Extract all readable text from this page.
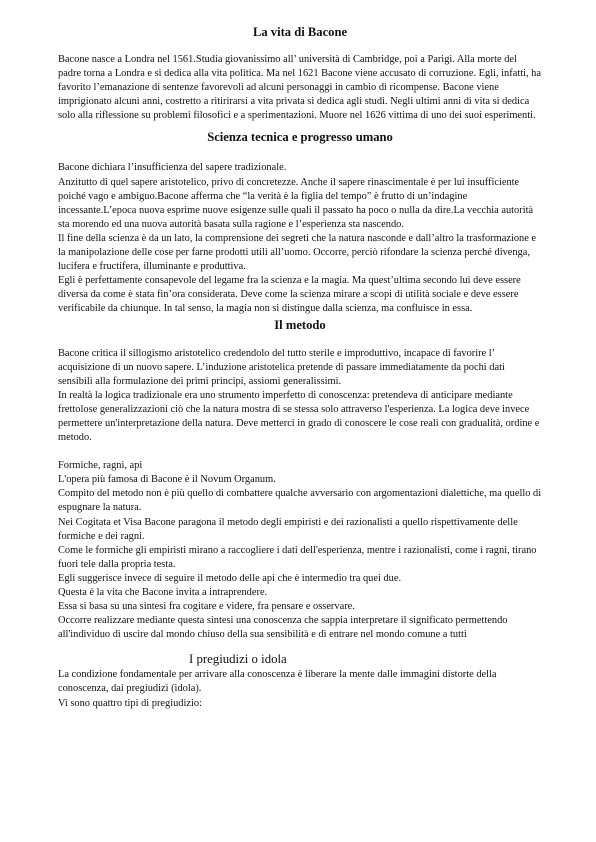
La vita di Bacone

Bacone nasce a Londra nel 1561.Studia giovanissimo all’ università di Cambridge, poi a Parigi. Alla morte del padre torna a Londra e si dedica alla vita politica. Ma nel 1621 Bacone viene accusato di corruzione. Egli, infatti, ha favorito l’emanazione di sentenze favorevoli ad alcuni personaggi in cambio di ricompense. Bacone viene imprigionato alcuni anni, costretto a ritirirarsi a vita privata si dedica agli studi. Negli ultimi anni di vita si dedica solo alla riflessione su problemi filosofici e a sperimentazioni. Muore nel 1626 vittima di uno dei suoi esperimenti.

Scienza tecnica e progresso umano

Bacone dichiara l’insufficienza del sapere tradizionale.

Anzitutto di quel sapere aristotelico, privo di concretezze. Anche il sapere rinascimentale è per lui insufficiente poiché vago e ambiguo.Bacone afferma che “la verità è la figlia del tempo” è frutto di un’indagine incessante.L’epoca nuova esprime nuove esigenze sulle quali il passato ha poco o nulla da dire.La vecchia autorità sta morendo ed una nuova autorità basata sulla ragione e l’esperienza sta nascendo.

Il fine della scienza è da un lato, la comprensione dei segreti che la natura nasconde e dall’altro la trasformazione e la manipolazione delle cose per farne prodotti utili all’uomo. Occorre, perciò rifondare la scienza perché divenga, lucifera e fructifera, illuminante e produttiva.

Egli è perfettamente consapevole del legame fra la scienza e la magia. Ma quest’ultima secondo lui deve essere diversa da come è stata fin’ora considerata. Deve come la scienza mirare a scopi di utilità sociale e deve essere verificabile da chiunque. In tal senso, la magia non si distingue dalla scienza, ma confluisce in essa.

Il metodo

Bacone critica il sillogismo aristotelico credendolo del tutto sterile e improduttivo, incapace di favorire l’ acquisizione di un nuovo sapere. L’induzione aristotelica pretende di passare immediatamente da pochi dati sensibili alla formulazione dei primi principi, assiomi generalissimi.

In realtà la logica tradizionale era uno strumento imperfetto di conoscenza: pretendeva di anticipare mediante frettolose generalizzazioni ciò che la natura mostra di se stessa solo attraverso l'esperienza. La logica deve invece permettere un'interpretazione della natura. Deve metterci in grado di conoscere le cose reali con gradualità, ordine e metodo.

Formiche, ragni, api

L'opera più famosa di Bacone è il Novum Organum.

Compito del metodo non è più quello di combattere qualche avversario con argomentazioni dialettiche, ma quello di espugnare la natura.

Nei Cogitata et Visa Bacone paragona il metodo degli empiristi e dei razionalisti a quello rispettivamente delle formiche e dei ragni.

Come le formiche gli empiristi mirano a raccogliere i dati dell'esperienza, mentre i razionalisti, come i ragni, tirano fuori tele dalla propria testa.

Egli suggerisce invece di seguire il metodo delle api che è intermedio tra quei due.

Questa è la vita che Bacone invita a intraprendere.

Essa si basa su una sintesi fra cogitare e videre, fra pensare e osservare.

Occorre realizzare mediante questa sintesi una conoscenza che sappia interpretare il significato permettendo all'individuo di uscire dal mondo chiuso della sua sensibilità e di entrare nel mondo comune a tutti

I pregiudizi o idola

La condizione fondamentale per arrivare alla conoscenza è liberare la mente dalle immagini distorte della conoscenza, dai pregiudizi (idola).

Vi sono quattro tipi di pregiudizio:
